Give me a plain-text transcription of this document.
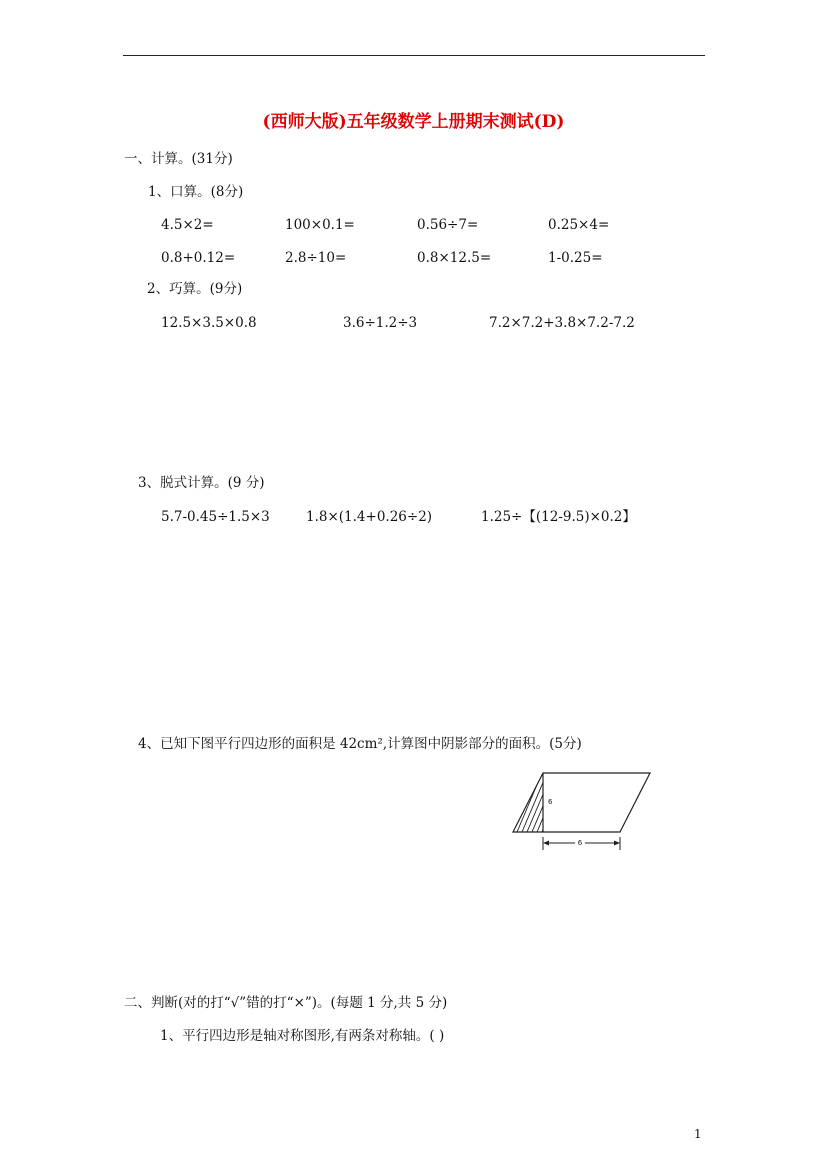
(西师大版)五年级数学上册期末测试(D)
一、计算。(31分)
1、口算。(8分)
4.5×2=	100×0.1=	0.56÷7=	0.25×4=
0.8+0.12=	2.8÷10=	0.8×12.5=	1-0.25=
2、巧算。(9分)
12.5×3.5×0.8	3.6÷1.2÷3	7.2×7.2+3.8×7.2-7.2
3、脱式计算。(9 分)
5.7-0.45÷1.5×3	1.8×(1.4+0.26÷2)	1.25÷【(12-9.5)×0.2】
4、已知下图平行四边形的面积是 42cm²,计算图中阴影部分的面积。(5分)
6
6
二、判断(对的打“√”错的打“×”)。(每题 1 分,共 5 分)
1、平行四边形是轴对称图形,有两条对称轴。( )
1
